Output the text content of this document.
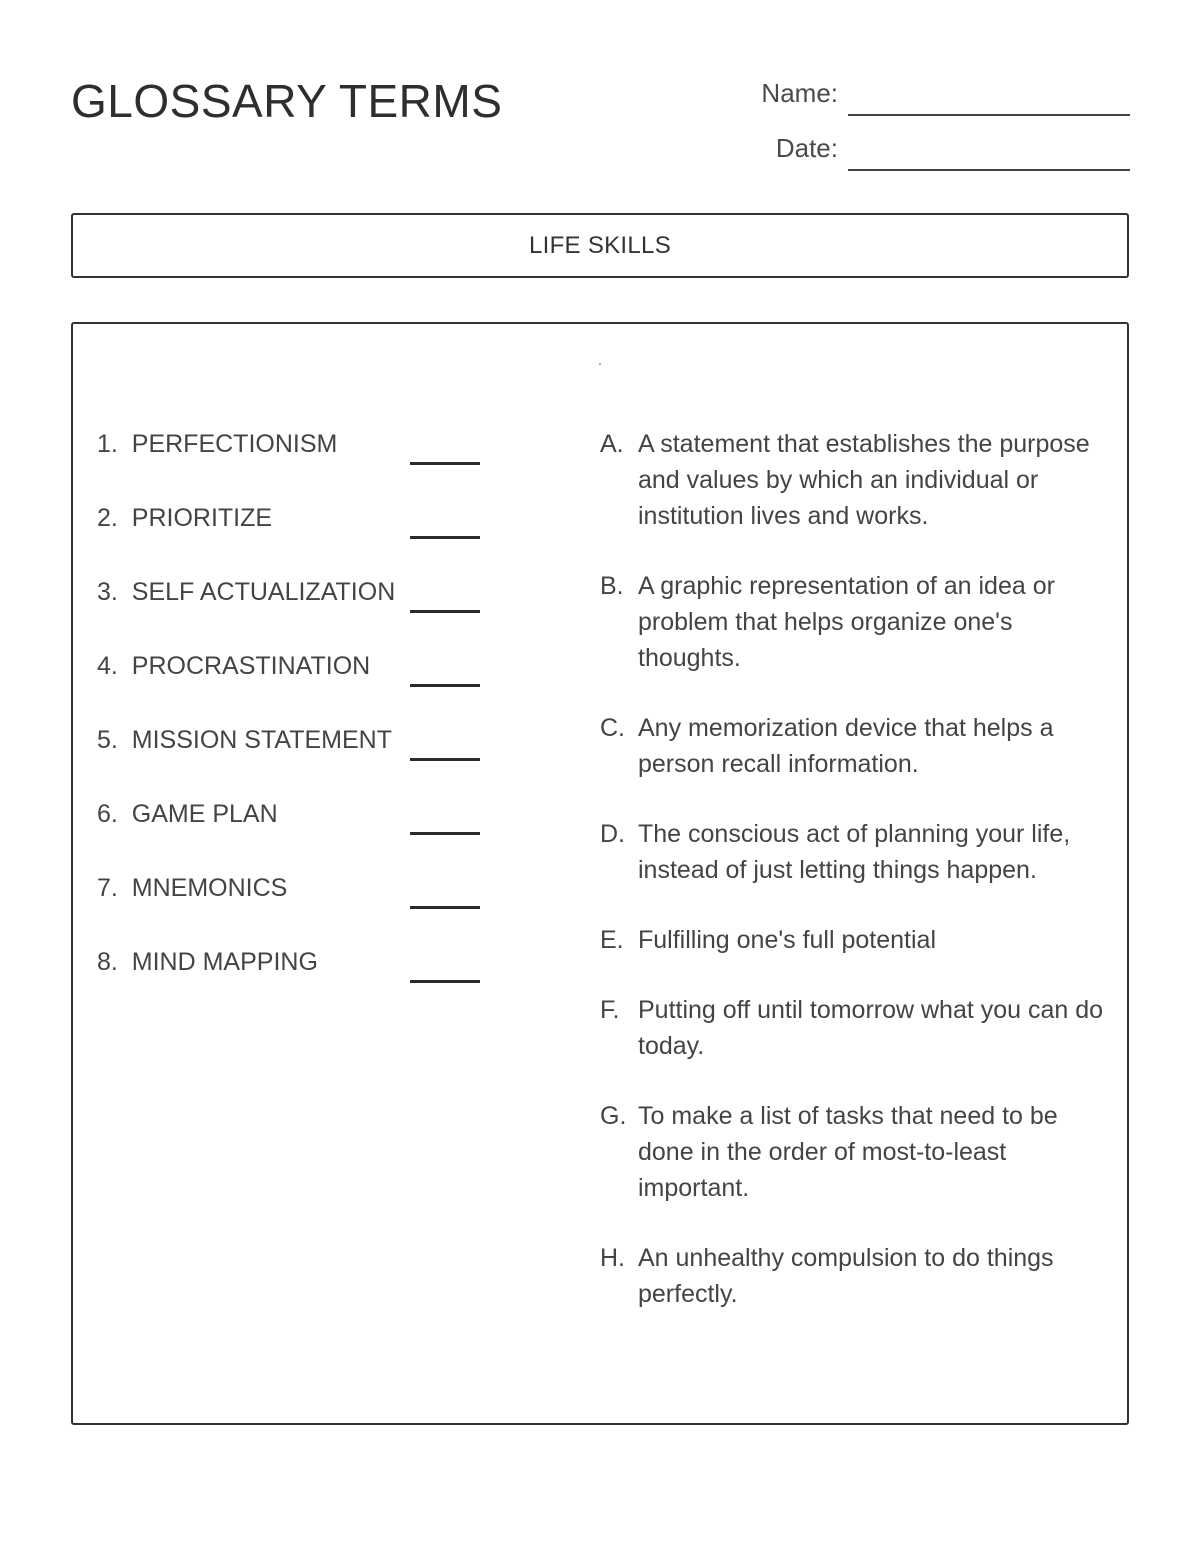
GLOSSARY TERMS	Name:
Date:
LIFE SKILLS
.
1. PERFECTIONISM
2. PRIORITIZE
3. SELF ACTUALIZATION
4. PROCRASTINATION
5. MISSION STATEMENT
6. GAME PLAN
7. MNEMONICS
8. MIND MAPPING
A. A statement that establishes the purpose and values by which an individual or institution lives and works.
B. A graphic representation of an idea or problem that helps organize one's thoughts.
C. Any memorization device that helps a person recall information.
D. The conscious act of planning your life, instead of just letting things happen.
E. Fulfilling one's full potential
F. Putting off until tomorrow what you can do today.
G. To make a list of tasks that need to be done in the order of most-to-least important.
H. An unhealthy compulsion to do things perfectly.
